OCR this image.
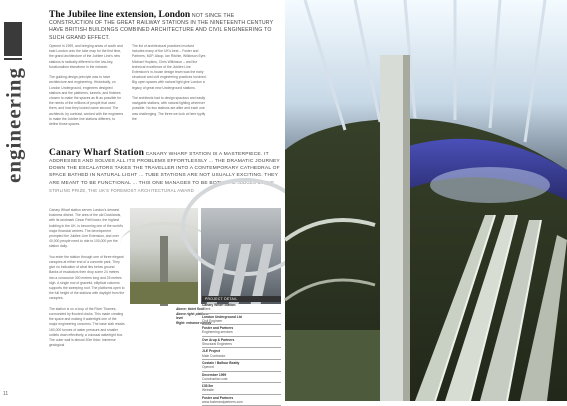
engineering
11
The Jubilee line extension, London NOT SINCE THE CONSTRUCTION OF THE GREAT RAILWAY STATIONS IN THE NINETEENTH CENTURY HAVE BRITISH BUILDINGS COMBINED ARCHITECTURE AND CIVIL ENGINEERING TO SUCH GRAND EFFECT.
Opened in 1999, and bringing areas of south and east London onto the tube map for the first time, the grand architecture of the Jubilee Line's new stations is radically different to the low-key, functionalism elsewhere in the network.

The guiding design principle was to have architecture and engineering. Historically, on London Underground, engineers designed stations and the platforms, tunnels, and finishes chosen to make the spaces as fit as possible for the needs of the millions of people that used them, and how they looked came second. The architects, by contrast, worked with the engineers to make the Jubilee line stations different, to define those spaces.
The list of architectural practices involved includes many of the UK's best – Foster and Partners, MJP, Alsop, Ian Ritchie, Wilkinson Eyre, Michael Hopkins, Chris Wilkinson – and the technical excellence of the Jubilee Line Extension's in-house design team was the early structural and civil engineering practices involved. Big open spaces with natural light give London a legacy of great new Underground stations.

The architects had to design spacious and easily navigable stations, with natural lighting wherever possible. No two stations are alike and each one was challenging. The three we look at here typify the
Canary Wharf Station CANARY WHARF STATION IS A MASTERPIECE. IT ADDRESSES AND SOLVES ALL ITS PROBLEMS EFFORTLESSLY ... THE DRAMATIC JOURNEY DOWN THE ESCALATORS TAKES THE TRAVELLER INTO A CONTEMPORARY CATHEDRAL OF SPACE BATHED IN NATURAL LIGHT ... TUBE STATIONS ARE NOT USUALLY EXCITING. THEY ARE MEANT TO BE FUNCTIONAL ... THIS ONE MANAGES TO BE BOTH. THE JUDGES OF THE STIRLING PRIZE, THE UK'S FOREMOST ARCHITECTURAL AWARD
Canary Wharf station serves London's densest business district. The area of the old Docklands, with its landmark Cesar Pelli tower, the highest building in the UK, is becoming one of the world's major financial centres. The development prompted the Jubilee Line Extension, and over 40,000 people need to ride to 100,000 per the station daily.

You enter the station through one of three elegant canopies at either end of a concrete park. They give no indication of what lies below ground. Banks of escalators then drop some 24 metres into a concourse 300 metres long and 25 metres high. A single row of graceful, elliptical columns supports the sweeping roof. The platforms open to the full height of the stations with daylight from the canopies.

The station is on a loop of the River Thames, surrounded by flooded docks. This made creating the space and making it watertight one of the major engineering concerns. The base slab resists 160,000 tonnes of water pressure and smaller outlets drain effectively, a colossal watertight box. The outer wall is almost 30m thick: immense geological
Above: ticket floor
Above right: platform level
Right: entrance canopy
PROJECT DETAIL
Canary Wharf Station
Client
London Underground Ltd
Civil Engineer
Foster and Partners
Engineering services
Ove Arup & Partners
Structural Engineers
JLE Project
Main Contractor
Costain / Balfour Beatty
Opened
December 1999
Construction cost
£35.5m
Website
Foster and Partners
www.fosterandpartners.com
